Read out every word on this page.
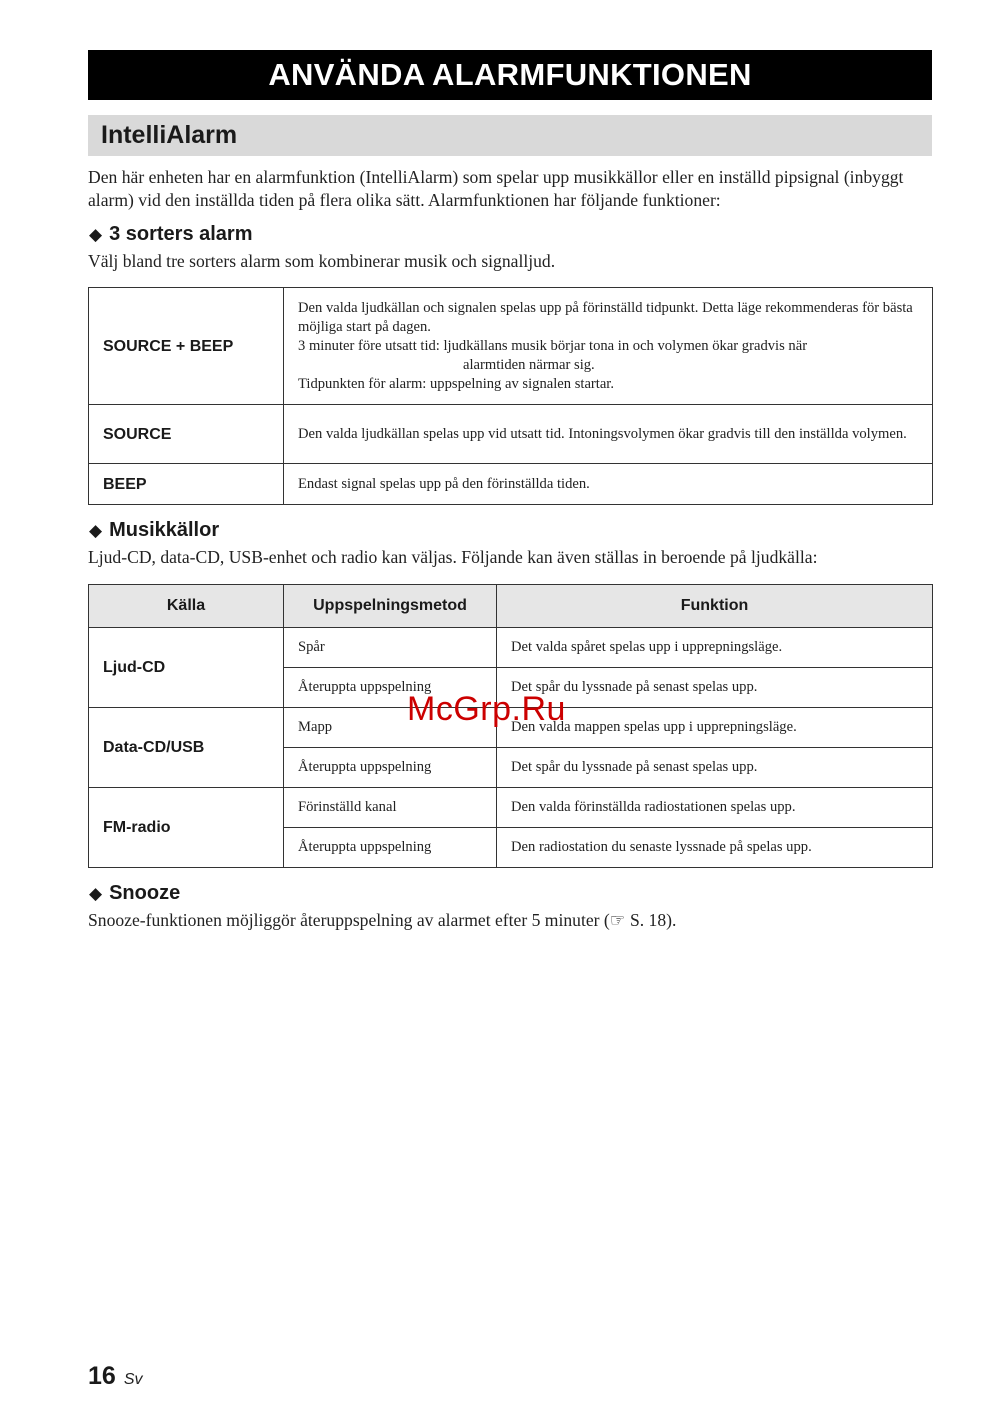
ANVÄNDA ALARMFUNKTIONEN
IntelliAlarm
Den här enheten har en alarmfunktion (IntelliAlarm) som spelar upp musikkällor eller en inställd pipsignal (inbyggt alarm) vid den inställda tiden på flera olika sätt. Alarmfunktionen har följande funktioner:
◆ 3 sorters alarm
Välj bland tre sorters alarm som kombinerar musik och signalljud.
SOURCE + BEEP	Den valda ljudkällan och signalen spelas upp på förinställd tidpunkt. Detta läge rekommenderas för bästa möjliga start på dagen.
3 minuter före utsatt tid: ljudkällans musik börjar tona in och volymen ökar gradvis när
alarmtiden närmar sig.
Tidpunkten för alarm: uppspelning av signalen startar.

SOURCE	Den valda ljudkällan spelas upp vid utsatt tid. Intoningsvolymen ökar gradvis till den inställda volymen.
BEEP	Endast signal spelas upp på den förinställda tiden.
◆ Musikkällor
Ljud-CD, data-CD, USB-enhet och radio kan väljas. Följande kan även ställas in beroende på ljudkälla:
Källa	Uppspelningsmetod	Funktion
Ljud-CD	Spår	Det valda spåret spelas upp i upprepningsläge.
	Återuppta uppspelning	Det spår du lyssnade på senast spelas upp.
Data-CD/USB	Mapp	Den valda mappen spelas upp i upprepningsläge.
	Återuppta uppspelning	Det spår du lyssnade på senast spelas upp.
FM-radio	Förinställd kanal	Den valda förinställda radiostationen spelas upp.
	Återuppta uppspelning	Den radiostation du senaste lyssnade på spelas upp.
◆ Snooze
Snooze-funktionen möjliggör återuppspelning av alarmet efter 5 minuter (☞ S. 18).
McGrp.Ru
16 Sv
